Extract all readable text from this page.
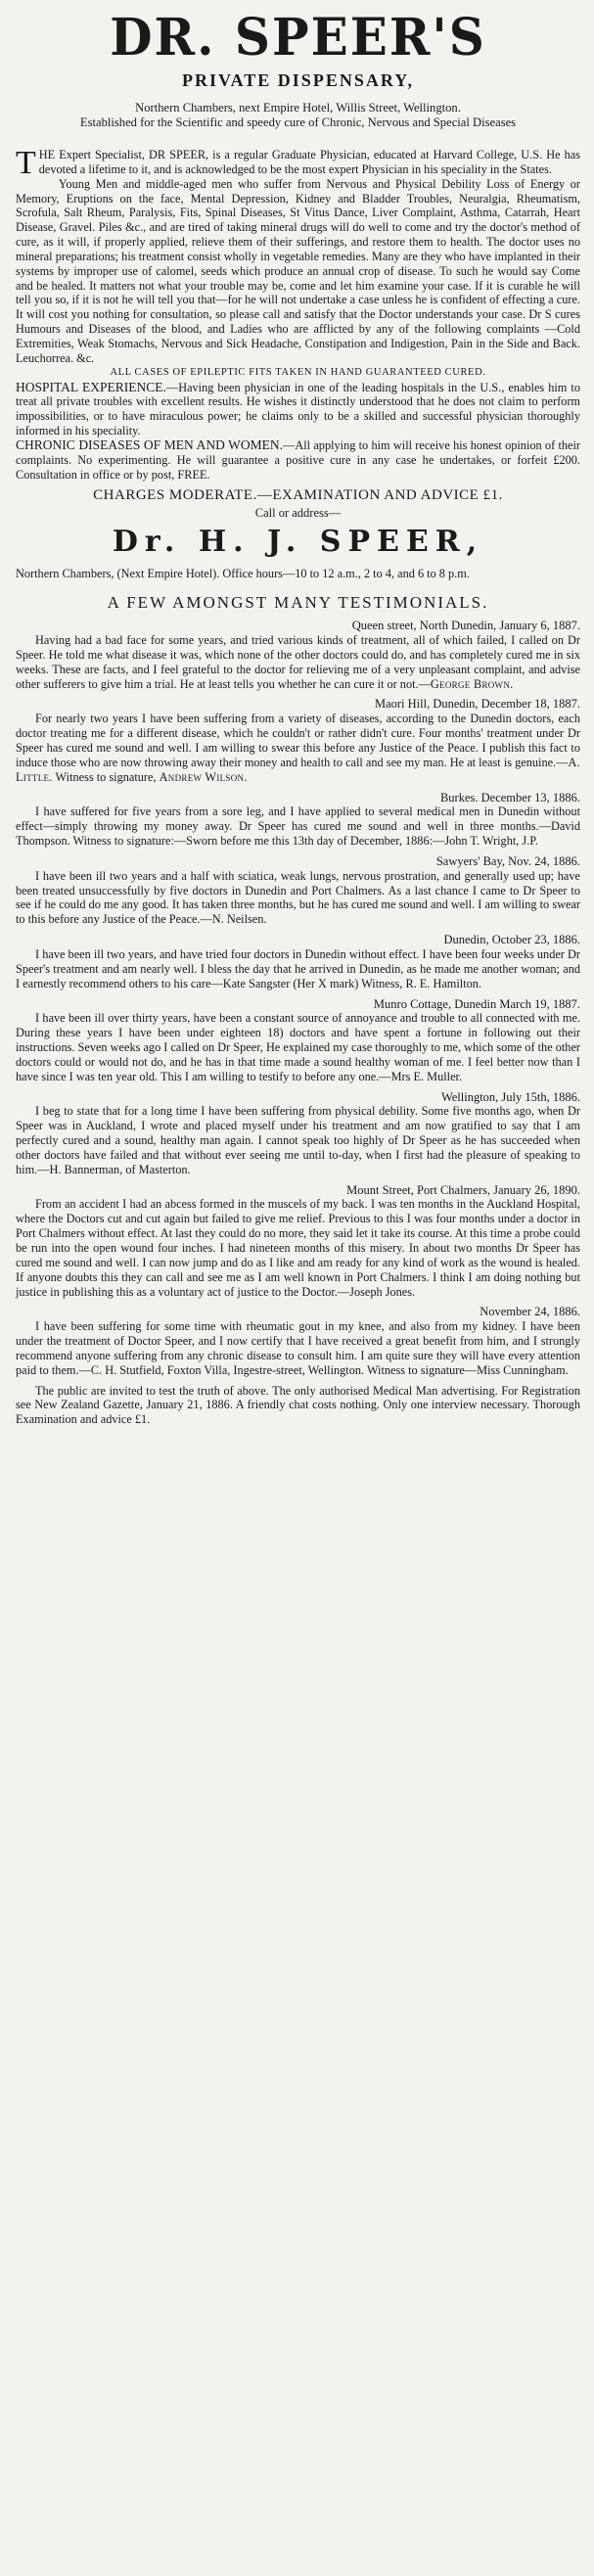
DR. SPEER'S
PRIVATE DISPENSARY,

Northern Chambers, next Empire Hotel, Willis Street, Wellington.

Established for the Scientific and speedy cure of Chronic, Nervous and Special Diseases

THE Expert Specialist, DR SPEER, is a regular Graduate Physician, educated at Harvard College, U.S. He has devoted a lifetime to it, and is acknowledged to be the most expert Physician in his speciality in the States.

Young Men and middle-aged men who suffer from Nervous and Physical Debility Loss of Energy or Memory, Eruptions on the face, Mental Depression, Kidney and Bladder Troubles, Neuralgia, Rheumatism, Scrofula, Salt Rheum, Paralysis, Fits, Spinal Diseases, St Vitus Dance, Liver Complaint, Asthma, Catarrah, Heart Disease, Gravel. Piles &c., and are tired of taking mineral drugs will do well to come and try the doctor's method of cure, as it will, if properly applied, relieve them of their sufferings, and restore them to health. The doctor uses no mineral preparations; his treatment consist wholly in vegetable remedies. Many are they who have implanted in their systems by improper use of calomel, seeds which produce an annual crop of disease. To such he would say Come and be healed. It matters not what your trouble may be, come and let him examine your case. If it is curable he will tell you so, if it is not he will tell you that—for he will not undertake a case unless he is confident of effecting a cure. It will cost you nothing for consultation, so please call and satisfy that the Doctor understands your case. Dr S cures Humours and Diseases of the blood, and Ladies who are afflicted by any of the following complaints —Cold Extremities, Weak Stomachs, Nervous and Sick Headache, Constipation and Indigestion, Pain in the Side and Back. Leuchorrea. &c.

ALL CASES OF EPILEPTIC FITS TAKEN IN HAND GUARANTEED CURED.

HOSPITAL EXPERIENCE.—Having been physician in one of the leading hospitals in the U.S., enables him to treat all private troubles with excellent results. He wishes it distinctly understood that he does not claim to perform impossibilities, or to have miraculous power; he claims only to be a skilled and successful physician thoroughly informed in his speciality.

CHRONIC DISEASES OF MEN AND WOMEN.—All applying to him will receive his honest opinion of their complaints. No experimenting. He will guarantee a positive cure in any case he undertakes, or forfeit £200. Consultation in office or by post, FREE.

CHARGES MODERATE.—EXAMINATION AND ADVICE £1.

Call or address—

Dr. H. J. SPEER,

Northern Chambers, (Next Empire Hotel). Office hours—10 to 12 a.m., 2 to 4, and 6 to 8 p.m.

A FEW AMONGST MANY TESTIMONIALS.

Queen street, North Dunedin, January 6, 1887.

Having had a bad face for some years, and tried various kinds of treatment, all of which failed, I called on Dr Speer. He told me what disease it was, which none of the other doctors could do, and has completely cured me in six weeks. These are facts, and I feel grateful to the doctor for relieving me of a very unpleasant complaint, and advise other sufferers to give him a trial. He at least tells you whether he can cure it or not.—George Brown.

Maori Hill, Dunedin, December 18, 1887.

For nearly two years I have been suffering from a variety of diseases, according to the Dunedin doctors, each doctor treating me for a different disease, which he couldn't or rather didn't cure. Four months' treatment under Dr Speer has cured me sound and well. I am willing to swear this before any Justice of the Peace. I publish this fact to induce those who are now throwing away their money and health to call and see my man. He at least is genuine.—A. Little. Witness to signature, Andrew Wilson.

Burkes. December 13, 1886.

I have suffered for five years from a sore leg, and I have applied to several medical men in Dunedin without effect—simply throwing my money away. Dr Speer has cured me sound and well in three months.—David Thompson. Witness to signature:—Sworn before me this 13th day of December, 1886:—John T. Wright, J.P.

Sawyers' Bay, Nov. 24, 1886.

I have been ill two years and a half with sciatica, weak lungs, nervous prostration, and generally used up; have been treated unsuccessfully by five doctors in Dunedin and Port Chalmers. As a last chance I came to Dr Speer to see if he could do me any good. It has taken three months, but he has cured me sound and well. I am willing to swear to this before any Justice of the Peace.—N. Neilsen.

Dunedin, October 23, 1886.

I have been ill two years, and have tried four doctors in Dunedin without effect. I have been four weeks under Dr Speer's treatment and am nearly well. I bless the day that he arrived in Dunedin, as he made me another woman; and I earnestly recommend others to his care—Kate Sangster (Her X mark) Witness, R. E. Hamilton.

Munro Cottage, Dunedin March 19, 1887.

I have been ill over thirty years, have been a constant source of annoyance and trouble to all connected with me. During these years I have been under eighteen 18) doctors and have spent a fortune in following out their instructions. Seven weeks ago I called on Dr Speer, He explained my case thoroughly to me, which some of the other doctors could or would not do, and he has in that time made a sound healthy woman of me. I feel better now than I have since I was ten year old. This I am willing to testify to before any one.—Mrs E. Muller.

Wellington, July 15th, 1886.

I beg to state that for a long time I have been suffering from physical debility. Some five months ago, when Dr Speer was in Auckland, I wrote and placed myself under his treatment and am now gratified to say that I am perfectly cured and a sound, healthy man again. I cannot speak too highly of Dr Speer as he has succeeded when other doctors have failed and that without ever seeing me until to-day, when I first had the pleasure of speaking to him.—H. Bannerman, of Masterton.

Mount Street, Port Chalmers, January 26, 1890.

From an accident I had an abcess formed in the muscels of my back. I was ten months in the Auckland Hospital, where the Doctors cut and cut again but failed to give me relief. Previous to this I was four months under a doctor in Port Chalmers without effect. At last they could do no more, they said let it take its course. At this time a probe could be run into the open wound four inches. I had nineteen months of this misery. In about two months Dr Speer has cured me sound and well. I can now jump and do as I like and am ready for any kind of work as the wound is healed. If anyone doubts this they can call and see me as I am well known in Port Chalmers. I think I am doing nothing but justice in publishing this as a voluntary act of justice to the Doctor.—Joseph Jones.

November 24, 1886.

I have been suffering for some time with rheumatic gout in my knee, and also from my kidney. I have been under the treatment of Doctor Speer, and I now certify that I have received a great benefit from him, and I strongly recommend anyone suffering from any chronic disease to consult him. I am quite sure they will have every attention paid to them.—C. H. Stutfield, Foxton Villa, Ingestre-street, Wellington. Witness to signature—Miss Cunningham.

The public are invited to test the truth of above. The only authorised Medical Man advertising. For Registration see New Zealand Gazette, January 21, 1886. A friendly chat costs nothing. Only one interview necessary. Thorough Examination and advice £1.
